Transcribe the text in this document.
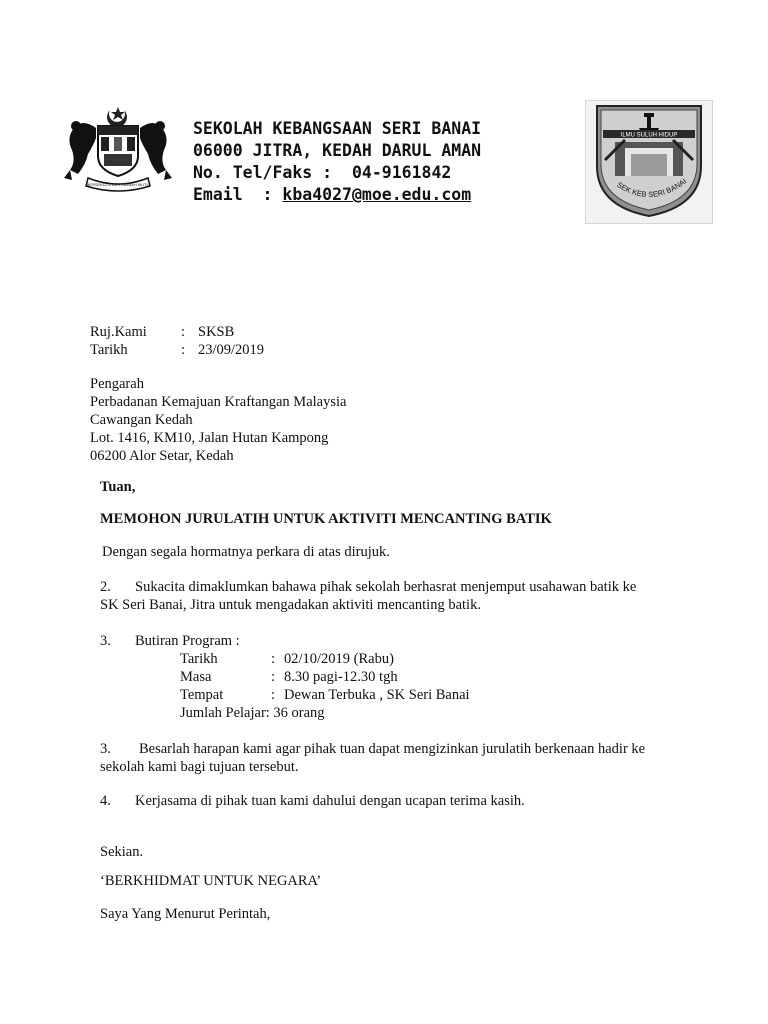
BERSEKUTU BERTAMBAH MUTU
SEKOLAH KEBANGSAAN SERI BANAI
06000 JITRA, KEDAH DARUL AMAN
No. Tel/Faks :  04-9161842
Email  : kba4027@moe.edu.com
ILMU SULUH HIDUP
SEK KEB SERI BANAI
Ruj.Kami : SKSB
Tarikh	: 23/09/2019
Pengarah
Perbadanan Kemajuan Kraftangan Malaysia
Cawangan Kedah
Lot. 1416, KM10, Jalan Hutan Kampong
06200 Alor Setar, Kedah
Tuan,
MEMOHON JURULATIH UNTUK AKTIVITI MENCANTING BATIK
Dengan segala hormatnya perkara di atas dirujuk.
2. Sukacita dimaklumkan bahawa pihak sekolah berhasrat menjemput usahawan batik ke
SK Seri Banai, Jitra untuk mengadakan aktiviti mencanting batik.
3. Butiran Program :
Tarikh	: 02/10/2019 (Rabu)
Masa	: 8.30 pagi-12.30 tgh
Tempat	: Dewan Terbuka , SK Seri Banai
Jumlah Pelajar: 36 orang
3. Besarlah harapan kami agar pihak tuan dapat mengizinkan jurulatih berkenaan hadir ke
sekolah kami bagi tujuan tersebut.
4. Kerjasama di pihak tuan kami dahului dengan ucapan terima kasih.
Sekian.
‘BERKHIDMAT UNTUK NEGARA’
Saya Yang Menurut Perintah,
